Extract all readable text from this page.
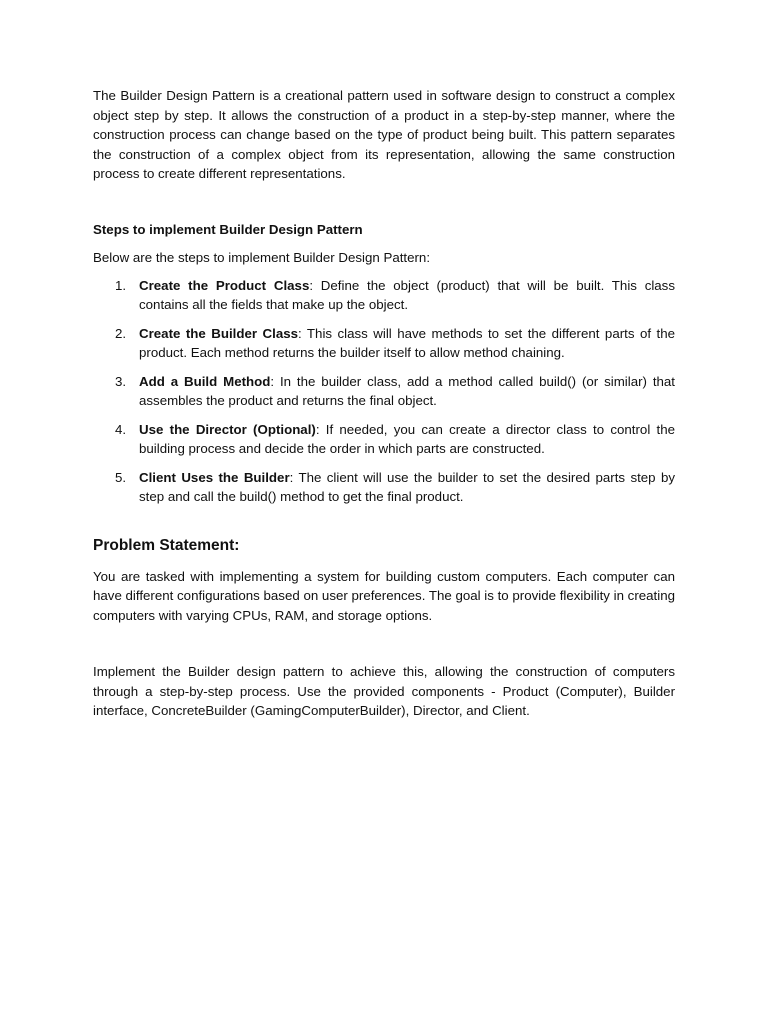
The Builder Design Pattern is a creational pattern used in software design to construct a complex object step by step. It allows the construction of a product in a step-by-step manner, where the construction process can change based on the type of product being built. This pattern separates the construction of a complex object from its representation, allowing the same construction process to create different representations.

Steps to implement Builder Design Pattern

Below are the steps to implement Builder Design Pattern:

1. Create the Product Class: Define the object (product) that will be built. This class contains all the fields that make up the object.
2. Create the Builder Class: This class will have methods to set the different parts of the product. Each method returns the builder itself to allow method chaining.
3. Add a Build Method: In the builder class, add a method called build() (or similar) that assembles the product and returns the final object.
4. Use the Director (Optional): If needed, you can create a director class to control the building process and decide the order in which parts are constructed.
5. Client Uses the Builder: The client will use the builder to set the desired parts step by step and call the build() method to get the final product.
Problem Statement:

You are tasked with implementing a system for building custom computers. Each computer can have different configurations based on user preferences. The goal is to provide flexibility in creating computers with varying CPUs, RAM, and storage options.

Implement the Builder design pattern to achieve this, allowing the construction of computers through a step-by-step process. Use the provided components - Product (Computer), Builder interface, ConcreteBuilder (GamingComputerBuilder), Director, and Client.
